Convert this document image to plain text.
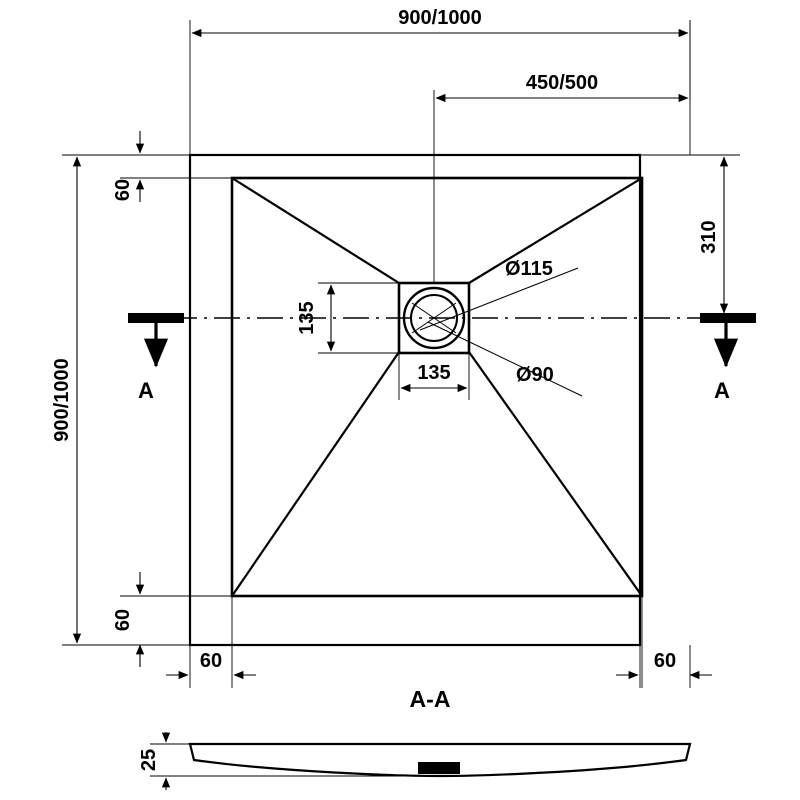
A	A
900/1000
450/500
60
900/1000
310
60
60	60
135
135
Ø115
Ø90
A-A
25
